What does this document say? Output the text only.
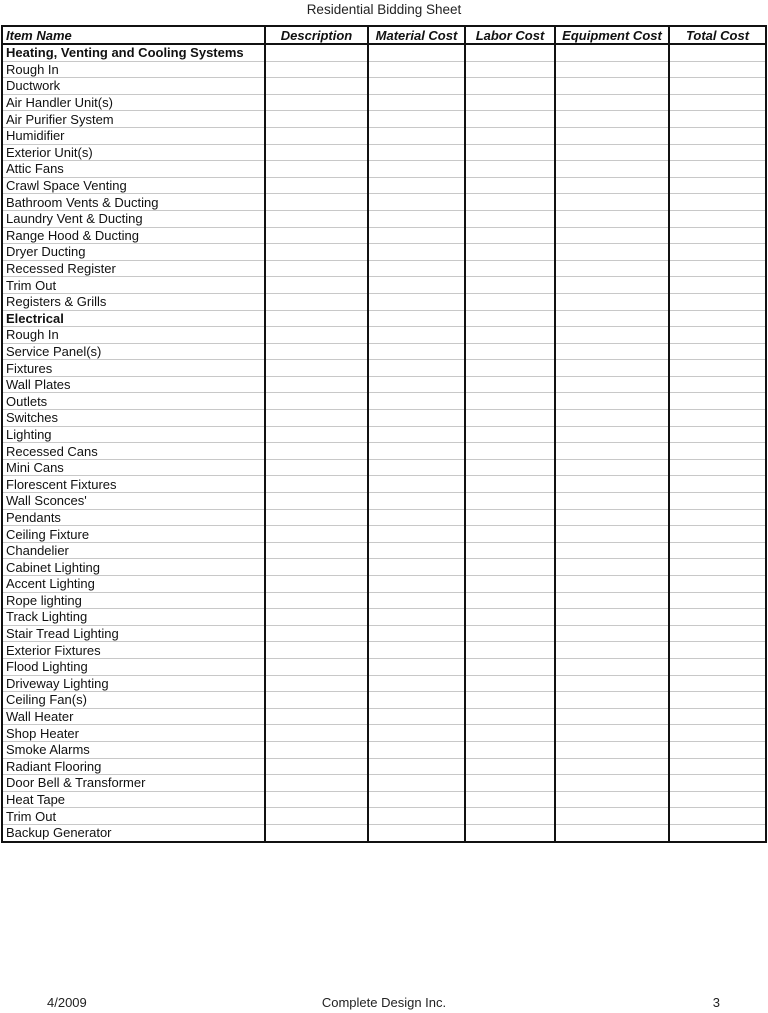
Residential Bidding Sheet
Item Name	Description	Material Cost	Labor Cost	Equipment Cost	Total Cost
Heating, Venting and Cooling Systems					
Rough In					
Ductwork					
Air Handler Unit(s)					
Air Purifier System					
Humidifier					
Exterior Unit(s)					
Attic Fans					
Crawl Space Venting					
Bathroom Vents & Ducting					
Laundry Vent & Ducting					
Range Hood & Ducting					
Dryer Ducting					
Recessed Register					
Trim Out					
Registers & Grills					
Electrical					
Rough In					
Service Panel(s)					
Fixtures					
Wall Plates					
Outlets					
Switches					
Lighting					
Recessed Cans					
Mini Cans					
Florescent Fixtures					
Wall Sconces'					
Pendants					
Ceiling Fixture					
Chandelier					
Cabinet Lighting					
Accent Lighting					
Rope lighting					
Track Lighting					
Stair Tread Lighting					
Exterior Fixtures					
Flood Lighting					
Driveway Lighting					
Ceiling Fan(s)					
Wall Heater					
Shop Heater					
Smoke Alarms					
Radiant Flooring					
Door Bell & Transformer					
Heat Tape					
Trim Out					
Backup Generator					
4/2009	Complete Design Inc.	3
